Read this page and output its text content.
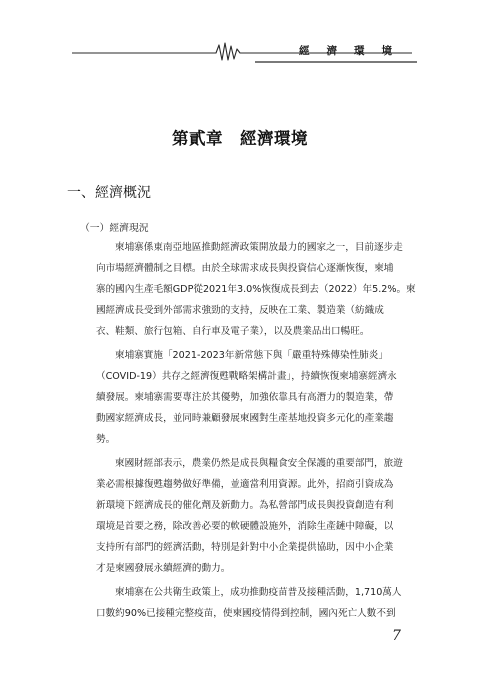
經濟環境
第貳章　經濟環境
一、經濟概況
（一）經濟現況

柬埔寨係東南亞地區推動經濟政策開放最力的國家之一，目前逐步走

向市場經濟體制之目標。由於全球需求成長與投資信心逐漸恢復，柬埔

寨的國內生產毛額GDP從2021年3.0%恢復成長到去（2022）年5.2%。柬

國經濟成長受到外部需求強勁的支持，反映在工業、製造業（紡織成

衣、鞋類、旅行包箱、自行車及電子業），以及農業品出口暢旺。

柬埔寨實施「2021-2023年新常態下與「嚴重特殊傳染性肺炎」

（COVID-19）共存之經濟復甦戰略架構計畫」，持續恢復柬埔寨經濟永

續發展。柬埔寨需要專注於其優勢，加強依靠具有高潛力的製造業，帶

動國家經濟成長，並同時兼顧發展柬國對生產基地投資多元化的產業趨

勢。

柬國財經部表示，農業仍然是成長與糧食安全保護的重要部門，旅遊

業必需根據復甦趨勢做好準備，並適當利用資源。此外，招商引資成為

新環境下經濟成長的催化劑及新動力。為私營部門成長與投資創造有利

環境是首要之務，除改善必要的軟硬體設施外，消除生產鏈中障礙，以

支持所有部門的經濟活動，特別是針對中小企業提供協助，因中小企業

才是柬國發展永續經濟的動力。

柬埔寨在公共衛生政策上，成功推動疫苗普及接種活動，1,710萬人

口數約90%已接種完整疫苗，使柬國疫情得到控制，國內死亡人數不到

7
